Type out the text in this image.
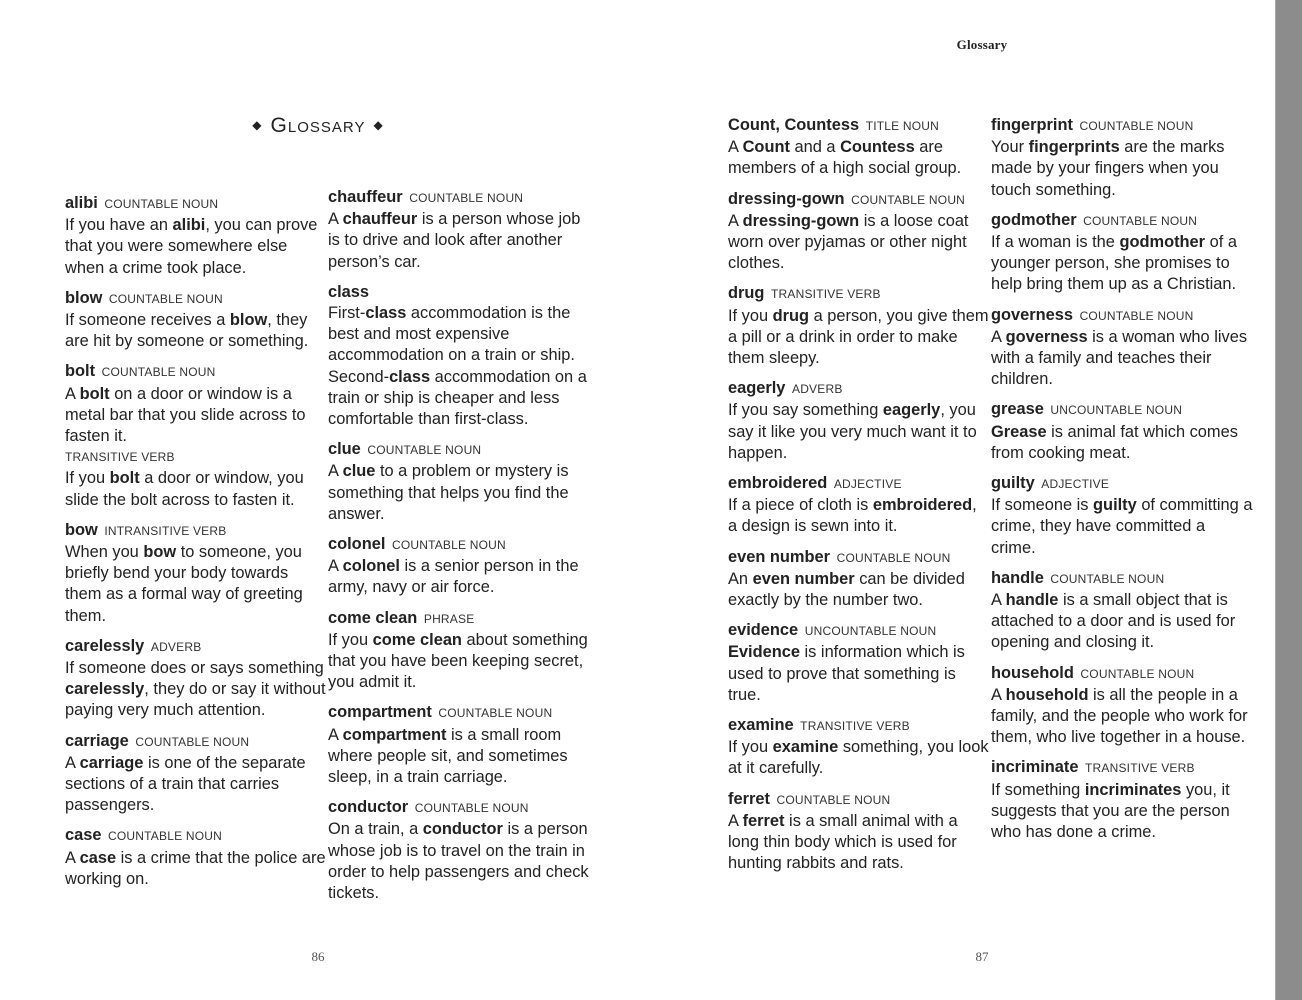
Glossary
◆ Glossary ◆
alibi COUNTABLE NOUN
If you have an alibi, you can prove that you were somewhere else when a crime took place.
blow COUNTABLE NOUN
If someone receives a blow, they are hit by someone or something.
bolt COUNTABLE NOUN
A bolt on a door or window is a metal bar that you slide across to fasten it.
TRANSITIVE VERB
If you bolt a door or window, you slide the bolt across to fasten it.
bow INTRANSITIVE VERB
When you bow to someone, you briefly bend your body towards them as a formal way of greeting them.
carelessly ADVERB
If someone does or says something carelessly, they do or say it without paying very much attention.
carriage COUNTABLE NOUN
A carriage is one of the separate sections of a train that carries passengers.
case COUNTABLE NOUN
A case is a crime that the police are working on.
chauffeur COUNTABLE NOUN
A chauffeur is a person whose job is to drive and look after another person’s car.
class
First-class accommodation is the best and most expensive accommodation on a train or ship. Second-class accommodation on a train or ship is cheaper and less comfortable than first-class.
clue COUNTABLE NOUN
A clue to a problem or mystery is something that helps you find the answer.
colonel COUNTABLE NOUN
A colonel is a senior person in the army, navy or air force.
come clean PHRASE
If you come clean about something that you have been keeping secret, you admit it.
compartment COUNTABLE NOUN
A compartment is a small room where people sit, and sometimes sleep, in a train carriage.
conductor COUNTABLE NOUN
On a train, a conductor is a person whose job is to travel on the train in order to help passengers and check tickets.
Count, Countess TITLE NOUN
A Count and a Countess are members of a high social group.
dressing-gown COUNTABLE NOUN
A dressing-gown is a loose coat worn over pyjamas or other night clothes.
drug TRANSITIVE VERB
If you drug a person, you give them a pill or a drink in order to make them sleepy.
eagerly ADVERB
If you say something eagerly, you say it like you very much want it to happen.
embroidered ADJECTIVE
If a piece of cloth is embroidered, a design is sewn into it.
even number COUNTABLE NOUN
An even number can be divided exactly by the number two.
evidence UNCOUNTABLE NOUN
Evidence is information which is used to prove that something is true.
examine TRANSITIVE VERB
If you examine something, you look at it carefully.
ferret COUNTABLE NOUN
A ferret is a small animal with a long thin body which is used for hunting rabbits and rats.
fingerprint COUNTABLE NOUN
Your fingerprints are the marks made by your fingers when you touch something.
godmother COUNTABLE NOUN
If a woman is the godmother of a younger person, she promises to help bring them up as a Christian.
governess COUNTABLE NOUN
A governess is a woman who lives with a family and teaches their children.
grease UNCOUNTABLE NOUN
Grease is animal fat which comes from cooking meat.
guilty ADJECTIVE
If someone is guilty of committing a crime, they have committed a crime.
handle COUNTABLE NOUN
A handle is a small object that is attached to a door and is used for opening and closing it.
household COUNTABLE NOUN
A household is all the people in a family, and the people who work for them, who live together in a house.
incriminate TRANSITIVE VERB
If something incriminates you, it suggests that you are the person who has done a crime.
86	87
